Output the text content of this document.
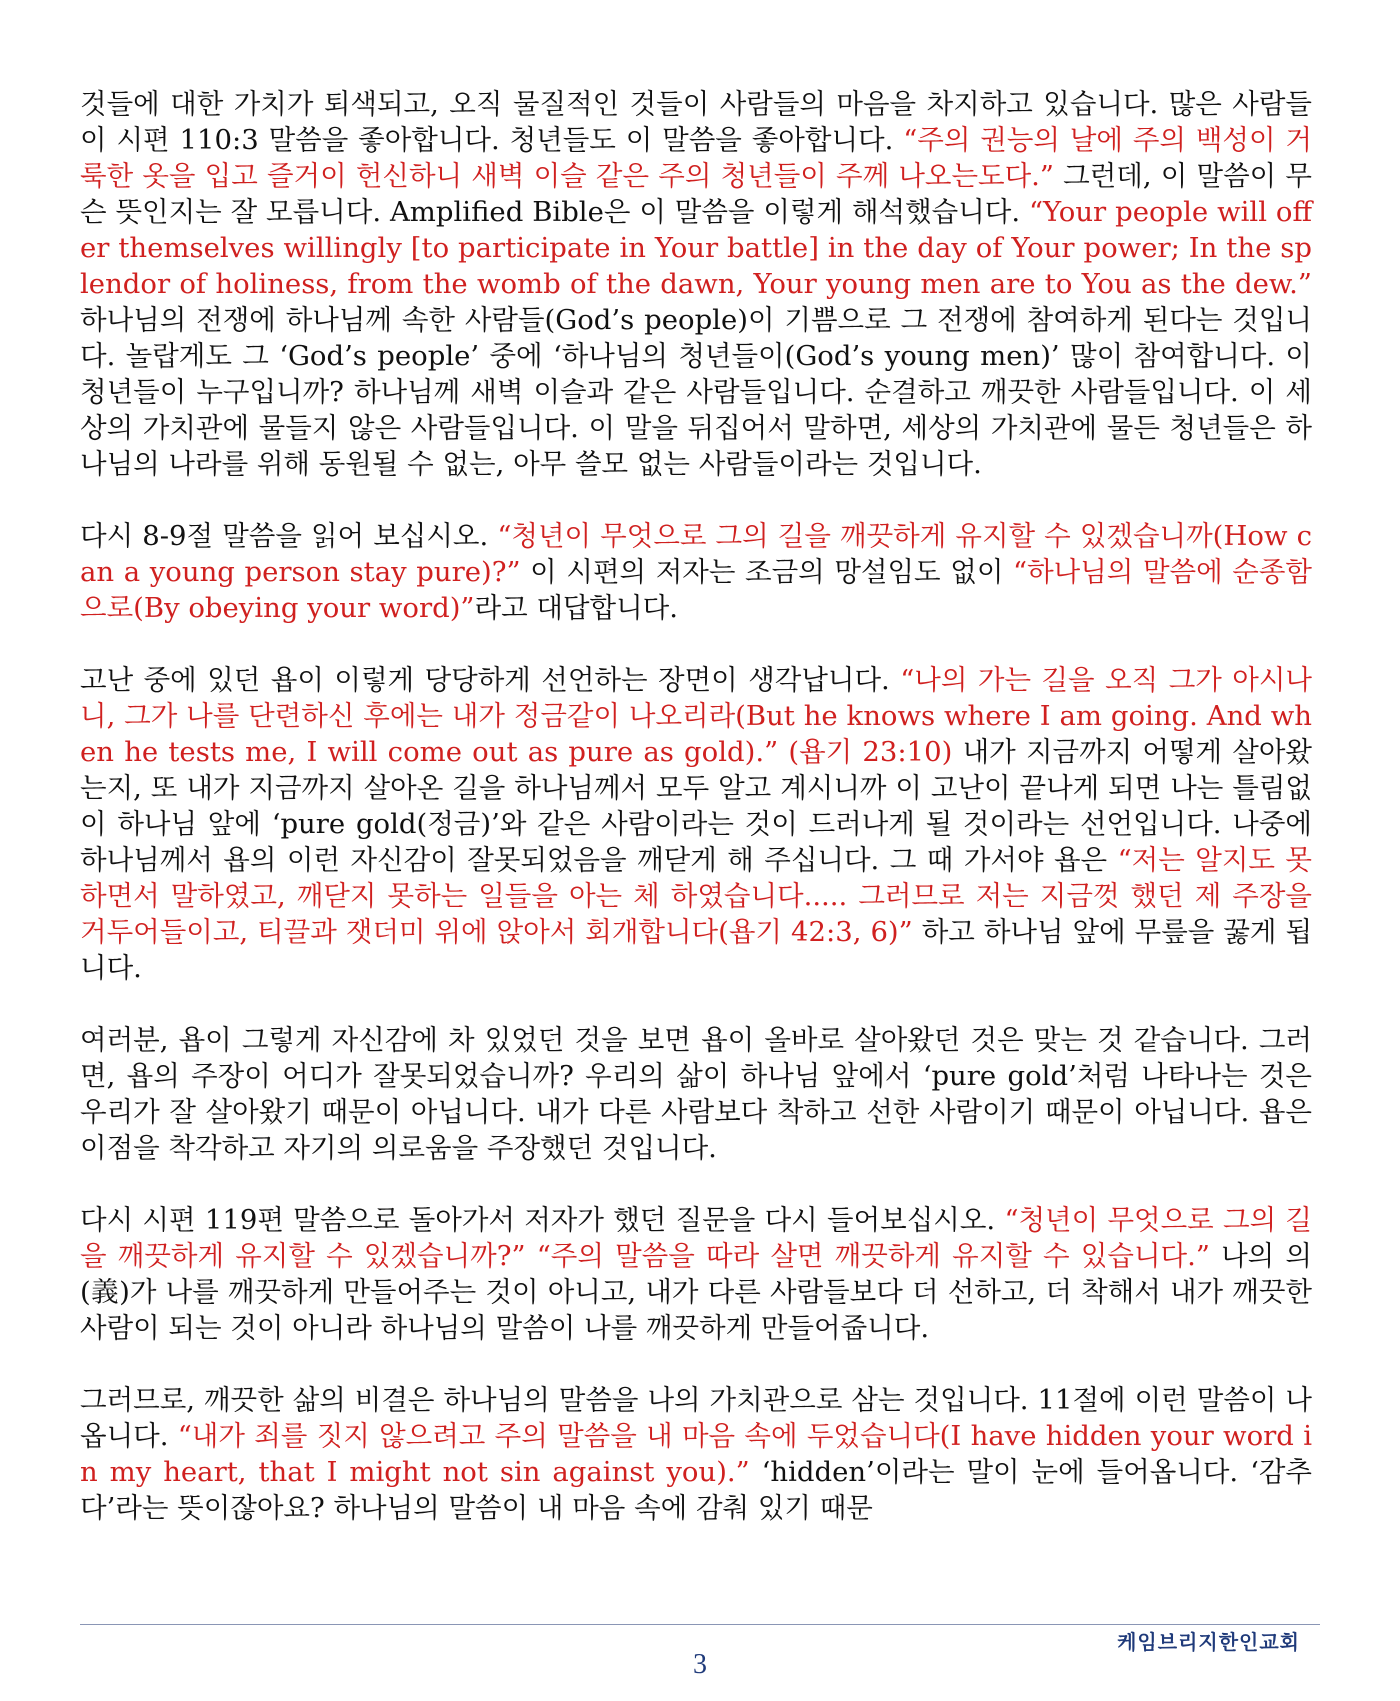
것들에 대한 가치가 퇴색되고, 오직 물질적인 것들이 사람들의 마음을 차지하고 있습니다. 많은 사람들이 시편 110:3 말씀을 좋아합니다. 청년들도 이 말씀을 좋아합니다. “주의 권능의 날에 주의 백성이 거룩한 옷을 입고 즐거이 헌신하니 새벽 이슬 같은 주의 청년들이 주께 나오는도다.” 그런데, 이 말씀이 무슨 뜻인지는 잘 모릅니다. Amplified Bible은 이 말씀을 이렇게 해석했습니다. “Your people will offer themselves willingly [to participate in Your battle] in the day of Your power; In the splendor of holiness, from the womb of the dawn, Your young men are to You as the dew.” 하나님의 전쟁에 하나님께 속한 사람들(God’s people)이 기쁨으로 그 전쟁에 참여하게 된다는 것입니다. 놀랍게도 그 ‘God’s people’ 중에 ‘하나님의 청년들이(God’s young men)’ 많이 참여합니다. 이 청년들이 누구입니까? 하나님께 새벽 이슬과 같은 사람들입니다. 순결하고 깨끗한 사람들입니다. 이 세상의 가치관에 물들지 않은 사람들입니다. 이 말을 뒤집어서 말하면, 세상의 가치관에 물든 청년들은 하나님의 나라를 위해 동원될 수 없는, 아무 쓸모 없는 사람들이라는 것입니다.

다시 8-9절 말씀을 읽어 보십시오. “청년이 무엇으로 그의 길을 깨끗하게 유지할 수 있겠습니까(How can a young person stay pure)?” 이 시편의 저자는 조금의 망설임도 없이 “하나님의 말씀에 순종함으로(By obeying your word)”라고 대답합니다.

고난 중에 있던 욥이 이렇게 당당하게 선언하는 장면이 생각납니다. “나의 가는 길을 오직 그가 아시나니, 그가 나를 단련하신 후에는 내가 정금같이 나오리라(But he knows where I am going. And when he tests me, I will come out as pure as gold).” (욥기 23:10) 내가 지금까지 어떻게 살아왔는지, 또 내가 지금까지 살아온 길을 하나님께서 모두 알고 계시니까 이 고난이 끝나게 되면 나는 틀림없이 하나님 앞에 ‘pure gold(정금)’와 같은 사람이라는 것이 드러나게 될 것이라는 선언입니다. 나중에 하나님께서 욥의 이런 자신감이 잘못되었음을 깨닫게 해 주십니다. 그 때 가서야 욥은 “저는 알지도 못하면서 말하였고, 깨닫지 못하는 일들을 아는 체 하였습니다..... 그러므로 저는 지금껏 했던 제 주장을 거두어들이고, 티끌과 잿더미 위에 앉아서 회개합니다(욥기 42:3, 6)” 하고 하나님 앞에 무릎을 꿇게 됩니다.

여러분, 욥이 그렇게 자신감에 차 있었던 것을 보면 욥이 올바로 살아왔던 것은 맞는 것 같습니다. 그러면, 욥의 주장이 어디가 잘못되었습니까? 우리의 삶이 하나님 앞에서 ‘pure gold’처럼 나타나는 것은 우리가 잘 살아왔기 때문이 아닙니다. 내가 다른 사람보다 착하고 선한 사람이기 때문이 아닙니다. 욥은 이점을 착각하고 자기의 의로움을 주장했던 것입니다.

다시 시편 119편 말씀으로 돌아가서 저자가 했던 질문을 다시 들어보십시오. “청년이 무엇으로 그의 길을 깨끗하게 유지할 수 있겠습니까?” “주의 말씀을 따라 살면 깨끗하게 유지할 수 있습니다.” 나의 의(義)가 나를 깨끗하게 만들어주는 것이 아니고, 내가 다른 사람들보다 더 선하고, 더 착해서 내가 깨끗한 사람이 되는 것이 아니라 하나님의 말씀이 나를 깨끗하게 만들어줍니다.

그러므로, 깨끗한 삶의 비결은 하나님의 말씀을 나의 가치관으로 삼는 것입니다. 11절에 이런 말씀이 나옵니다. “내가 죄를 짓지 않으려고 주의 말씀을 내 마음 속에 두었습니다(I have hidden your word in my heart, that I might not sin against you).” ‘hidden’이라는 말이 눈에 들어옵니다. ‘감추다’라는 뜻이잖아요? 하나님의 말씀이 내 마음 속에 감춰 있기 때문

케임브리지한인교회
3
